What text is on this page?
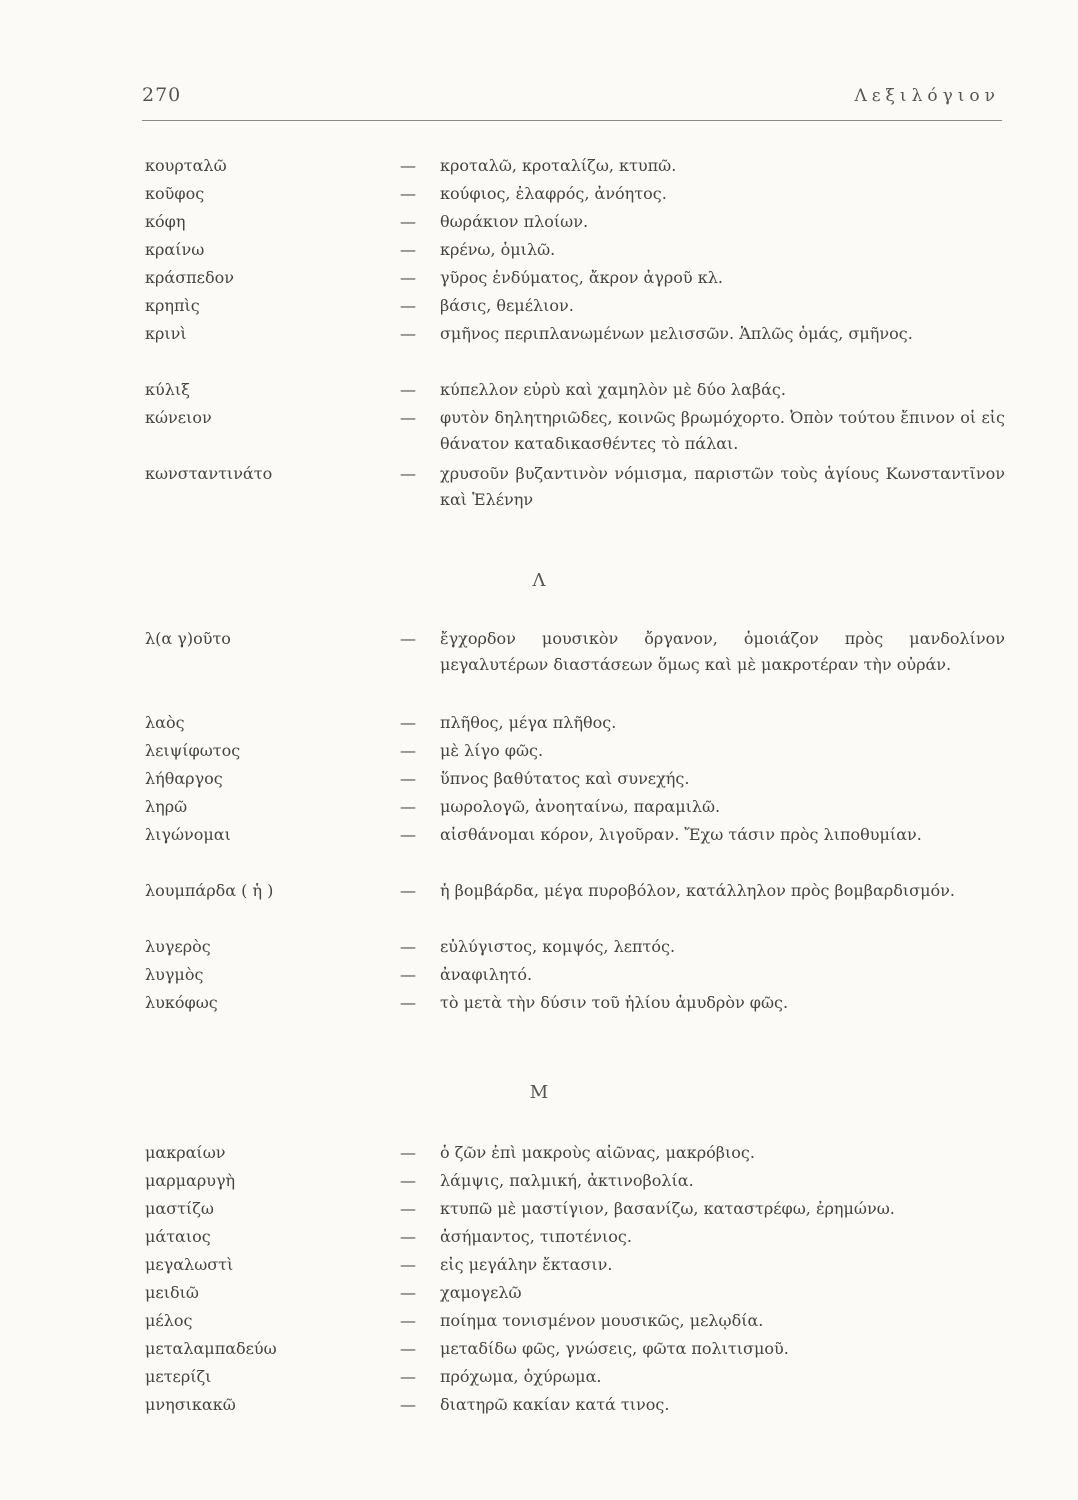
270	Λεξιλόγιον
κουρταλῶ	— κροταλῶ, κροταλίζω, κτυπῶ.
κοῦφος	— κούφιος, ἐλαφρός, ἀνόητος.
κόφη	— θωράκιον πλοίων.
κραίνω	— κρένω, ὁμιλῶ.
κράσπεδον	— γῦρος ἐνδύματος, ἄκρον ἀγροῦ κλ.
κρηπὶς	— βάσις, θεμέλιον.
κρινὶ	— σμῆνος περιπλανωμένων μελισσῶν. Ἁπλῶς ὁμάς, σμῆνος.
κύλιξ	— κύπελλον εὐρὺ καὶ χαμηλὸν μὲ δύο λαβάς.
κώνειον	— φυτὸν δηλητηριῶδες, κοινῶς βρωμόχορτο. Ὀπὸν τούτου ἔπινον οἱ εἰς θάνατον καταδικασθέντες τὸ πάλαι.
κωνσταντινάτο	— χρυσοῦν βυζαντινὸν νόμισμα, παριστῶν τοὺς ἁγίους Κωνσταντῖνον καὶ Ἑλένην
Λ
λ(α γ)οῦτο	— ἔγχορδον μουσικὸν ὄργανον, ὁμοιάζον πρὸς μανδολίνον μεγαλυτέρων διαστάσεων ὅμως καὶ μὲ μακροτέραν τὴν οὐράν.
λαὸς	— πλῆθος, μέγα πλῆθος.
λειψίφωτος	— μὲ λίγο φῶς.
λήθαργος	— ὕπνος βαθύτατος καὶ συνεχής.
ληρῶ	— μωρολογῶ, ἀνοηταίνω, παραμιλῶ.
λιγώνομαι	— αἰσθάνομαι κόρον, λιγοῦραν. Ἔχω τάσιν πρὸς λιποθυμίαν.
λουμπάρδα ( ἡ )	— ἡ βομβάρδα, μέγα πυροβόλον, κατάλληλον πρὸς βομβαρδισμόν.
λυγερὸς	— εὐλύγιστος, κομψός, λεπτός.
λυγμὸς	— ἀναφιλητό.
λυκόφως	— τὸ μετὰ τὴν δύσιν τοῦ ἡλίου ἀμυδρὸν φῶς.
Μ
μακραίων	— ὁ ζῶν ἐπὶ μακροὺς αἰῶνας, μακρόβιος.
μαρμαρυγὴ	— λάμψις, παλμική, ἀκτινοβολία.
μαστίζω	— κτυπῶ μὲ μαστίγιον, βασανίζω, καταστρέφω, ἐρημώνω.
μάταιος	— ἀσήμαντος, τιποτένιος.
μεγαλωστὶ	— εἰς μεγάλην ἔκτασιν.
μειδιῶ	— χαμογελῶ
μέλος	— ποίημα τονισμένον μουσικῶς, μελῳδία.
μεταλαμπαδεύω	— μεταδίδω φῶς, γνώσεις, φῶτα πολιτισμοῦ.
μετερίζι	— πρόχωμα, ὀχύρωμα.
μνησικακῶ	— διατηρῶ κακίαν κατά τινος.
